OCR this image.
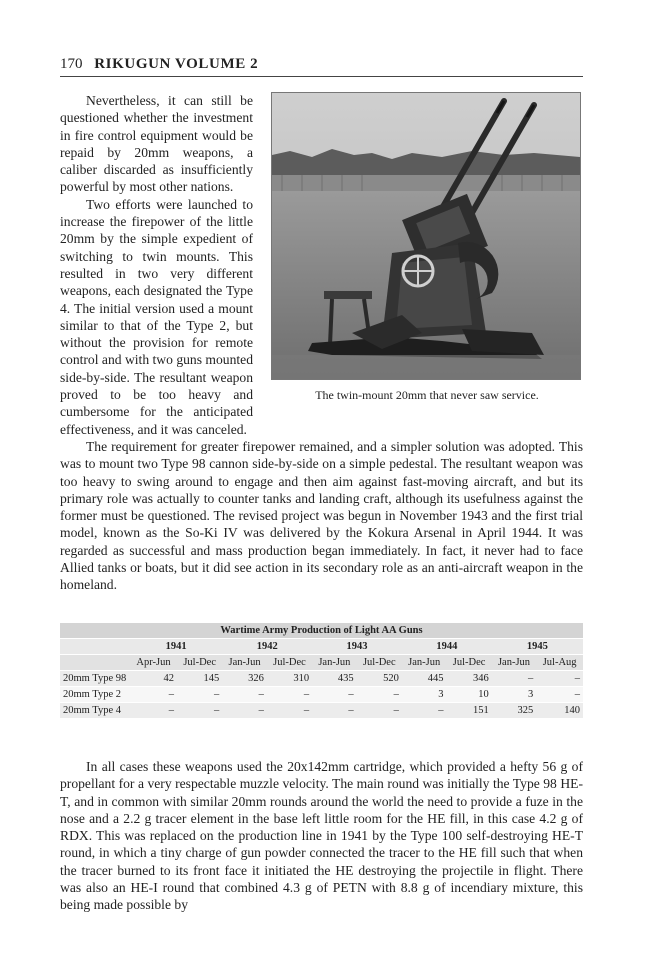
170 RIKUGUN VOLUME 2
The twin-mount 20mm that never saw service.

Nevertheless, it can still be questioned whether the investment in fire control equipment would be repaid by 20mm weapons, a caliber discarded as insufficiently powerful by most other nations.

Two efforts were launched to increase the firepower of the little 20mm by the simple expedient of switching to twin mounts. This resulted in two very different weapons, each designated the Type 4. The initial version used a mount similar to that of the Type 2, but without the provision for remote control and with two guns mounted side-by-side. The resultant weapon proved to be too heavy and cumbersome for the anticipated effectiveness, and it was canceled.

The requirement for greater firepower remained, and a simpler solution was adopted. This was to mount two Type 98 cannon side-by-side on a simple pedestal. The resultant weapon was too heavy to swing around to engage and then aim against fast-moving aircraft, and but its primary role was actually to counter tanks and landing craft, although its usefulness against the former must be questioned. The revised project was begun in November 1943 and the first trial model, known as the So-Ki IV was delivered by the Kokura Arsenal in April 1944. It was regarded as successful and mass production began immediately. In fact, it never had to face Allied tanks or boats, but it did see action in its secondary role as an anti-aircraft weapon in the homeland.

Wartime Army Production of Light AA Guns										
	1941		1942		1943		1944		1945	
	Apr-Jun	Jul-Dec	Jan-Jun	Jul-Dec	Jan-Jun	Jul-Dec	Jan-Jun	Jul-Dec	Jan-Jun	Jul-Aug
20mm Type 98	42	145	326	310	435	520	445	346	–	–
20mm Type 2	–	–	–	–	–	–	3	10	3	–
20mm Type 4	–	–	–	–	–	–	–	151	325	140

In all cases these weapons used the 20x142mm cartridge, which provided a hefty 56 g of propellant for a very respectable muzzle velocity. The main round was initially the Type 98 HE-T, and in common with similar 20mm rounds around the world the need to provide a fuze in the nose and a 2.2 g tracer element in the base left little room for the HE fill, in this case 4.2 g of RDX. This was replaced on the production line in 1941 by the Type 100 self-destroying HE-T round, in which a tiny charge of gun powder connected the tracer to the HE fill such that when the tracer burned to its front face it initiated the HE destroying the projectile in flight. There was also an HE-I round that combined 4.3 g of PETN with 8.8 g of incendiary mixture, this being made possible by
